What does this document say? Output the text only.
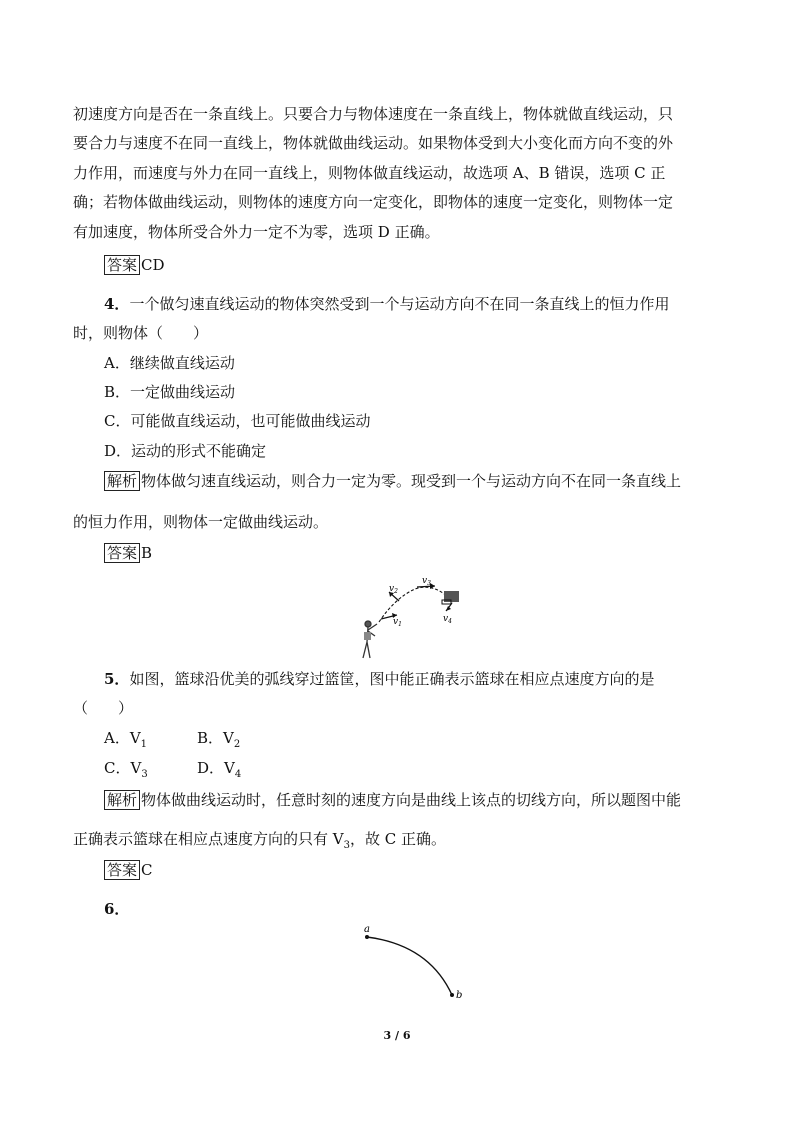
初速度方向是否在一条直线上。只要合力与物体速度在一条直线上，物体就做直线运动，只
要合力与速度不在同一直线上，物体就做曲线运动。如果物体受到大小变化而方向不变的外
力作用，而速度与外力在同一直线上，则物体做直线运动，故选项 A、B 错误，选项 C 正
确；若物体做曲线运动，则物体的速度方向一定变化，即物体的速度一定变化，则物体一定
有加速度，物体所受合外力一定不为零，选项 D 正确。
答案 CD
4．一个做匀速直线运动的物体突然受到一个与运动方向不在同一条直线上的恒力作用
时，则物体（　　）
A．继续做直线运动
B．一定做曲线运动
C．可能做直线运动，也可能做曲线运动
D．运动的形式不能确定
解析 物体做匀速直线运动，则合力一定为零。现受到一个与运动方向不在同一条直线上
的恒力作用，则物体一定做曲线运动。
答案 B
$v_1$
$v_2$
$v_3$
$v_4$
5．如图，篮球沿优美的弧线穿过篮筐，图中能正确表示篮球在相应点速度方向的是
（　　）
A．$V_1$	B．$V_2$
C．$V_3$	D．$V_4$
解析 物体做曲线运动时，任意时刻的速度方向是曲线上该点的切线方向，所以题图中能
正确表示篮球在相应点速度方向的只有 $V_3$，故 C 正确。
答案 C
6．
a
b
3 / 6
